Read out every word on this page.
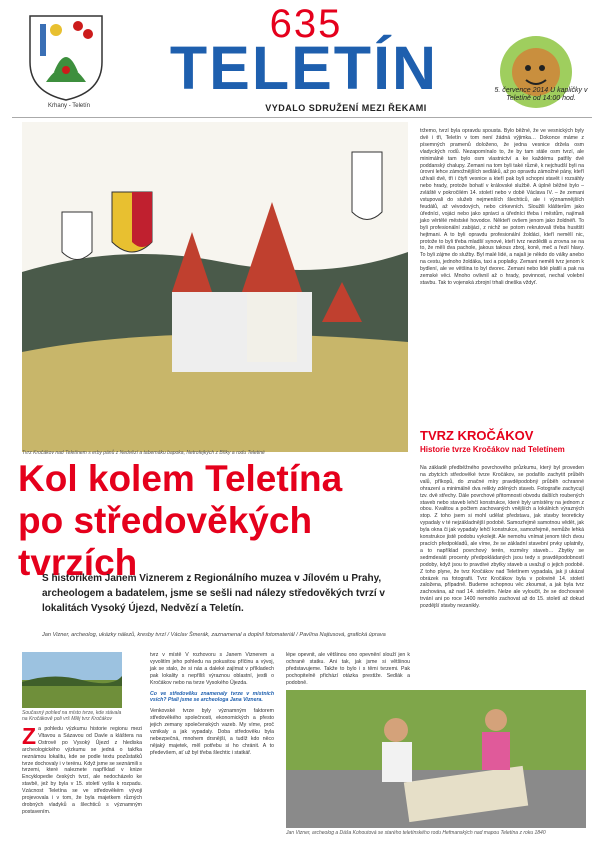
Krhany - Teletín
635
TELETÍN
VYDALO SDRUŽENÍ MEZI ŘEKAMI
5. července 2014 U kapličky v Teletíně od 14:00 hod.
Tvrz Kročákov nad Teletínem s erby pánů z Nedvězí a tabernáku bapoka, Netrofejkých z Břiky a rodu Teletiné
tržemo, tvrzí byla opravdu spousta. Bylo běžné, že ve vesnických byly dvě i tři, Teletín v tom není žádná výjimka… Dokonce máme z písemných pramenů doloženo, že jedna vesnice držela osm vladyckých rodů. Nezapomínalo to, že by tam stále osm tvrzí, ale minimálně tam bylo osm vlastnictví a ke každému patřily dvě poddanský chalupy. Zemani na tom byli také různě, k nejchudší byli na úrovni lehce zámožnějších sedláků, až po opravdu zámožné pány, kteří užívali dvě, tři i čtyři vesnice a kteří pak byli schopni stavět i rozsáhly nebo hrady, protože bohatí v královské službě. A úplně běžné bylo – zvláště v pokročilém 14. století nebo v době Václava IV. – že zemani vstupovali do služeb nejmenších šlechticů, ale i významnějších feudálů, až vévodových, nebo církevních. Sloužili klášterům jako úředníci, vojáci nebo jako správci a úředníci třeba i městům, najímali jako věrtělé městské hovodce. Někteří ovšem jenom jako žoldnéři. To byli profesionální zabijáci, z nichž se potom rekrutovali třeba husitští hejtmani. A to byli opravdu profesionální žoldáci, kteří nemělí nic, protože to byli třeba mladší synové, kteří tvrz nezdědili a zrovna se na to, že měli dva pachole, jakous takous zbroj, koně, meč a řezií hlavy. To byli zájme do služby. Byl malé lidé, a najali je někdo do války anebo na cestu, jednoho žoldáka, taxi a poplatky. Zemani neměli tvrz jenom k bydlení, ale ve většina to byl dvorec. Zemani nebo lidé platili a pak na zemské věci. Mnoho ovlivnil až o hrady, povinnost, nechal volební stavbu. Tak to vojenská zbrojní trhali dneška vždyť.
Kol kolem Teletína
po středověkých tvrzích
TVRZ KROČÁKOV
Historie tvrze Kročákov nad Teletínem
Na základě předběžného povrchového průzkumu, který byl proveden na zbytcích středověké tvrze Kročákov, se podařilo zachytit průběh valů, příkopů, do značné míry pravděpodobný průběh ochranné ohrazení a minimálně dva relikty zděných staveb. Fotografie zachycují tzv. dvě střechy. Dále povrchové přitomnosti obvodu dalších roubených staveb nebo staveb lehčí konstrukce, které byly umístěny na jednom z obou. Kvalitou a počtem zachovaných vnějších a lokálních výrazných stop. Z toho jsem si mohl udělat představu, jak stavby teoreticky vypadaly v té nejzákladnější podobě. Samozřejmě samotnou vědět, jak byla okna či jak vypadaly lehčí konstrukce, samozřejmě, nemůže lehká konstrukce jistě podobu vykolejit. Ale nemohu vnímat jenom těch dvou pracích předpokladů, ale víme, že se základní stavební prvky uplatnily, a to například povrchový terén, rozměry staveb… Zbytky se sedmdesáti procenty předpokládaných jsou tedy s pravděpodobností podoby, když jsou to pravdivé zbytky staveb a uvažují o jejich podobě. Z toho plyne, že tvrz Kročákov nad Teletínem vypadala, jak ji ukázal obrázek na fotografii. Tvrz Kročákov byla v polovině 14. století založena, případně. Budeme schopnou věc zkoumat, a jak byla tvrz zachována, až nad 14. stoletím. Nelze ale vyloučit, že se dochované trvání ani po roce 1400 nemohlo zachovat až do 15. století až dokud pozdější stavby nezanikly.
S historikem Janem Viznerem z Regionálního muzea v Jílovém u Prahy, archeologem a badatelem, jsme se sešli nad nálezy středověkých tvrzí v lokalitách Vysoký Újezd, Nedvězí a Teletín.
Jan Vizner, archeolog, ukázky nálezů, kresby tvrzí / Václav Šmerák, zaznamenal a doplnil fotomateriál / Pavlína Najtusová, grafická úprava
Současný pohled na místo tvrze, kde stávala na Kročákově poli vrš Mlěj tvrz Kročákov
Z a pohledu výzkumu historie regionu mezi Vltavou a Sázavou od Davle a kláštera na Ostrově po Vysoký Újezd z hlediska archeologického výzkumu se jedná o takřka neznámou lokalitu, kde se podle textu pozůstatků tvrze dochovaly i v terénu. Když jsme se seznámili s tvrzemi, které naleznete například v knize Encyklopedie českých tvrzí, ale nedocházelo ke stavbě, jež by byla v 15. století vyšla k rozpadu. Vzácnost Teletína se ve středověkém vývoji projevovala i v tom, že byla majetkem různých drobných vladyků a šlechticů s významným postavením.
tvrz v místě V rozhovoru s Janem Viznerem a vyvolitím jeho pohledu na pokusitou příčinu a vývoj, jak se stalo, že si nás a daleké zajímat v příkladech pak lokality s nepříliš výraznou oblastní, jestli o Kročákov nebo na tvrze Vysokého Újezda.
Co ve středověku znamenaly tvrze v místních vsích? Ptali jsme se archeologa Jana Viznera.
Venkovské tvrze byly významným faktorem středověkého společnosti, ekonomických a přesto jejich zemany společenských vazeb. My víme, proč vznikaly a jak vypadaly. Doba středověku byla nebezpečná, mnohem drsnější, a tudíž kdo něco nějaký majetek, měl potřebu si ho chránit. A to předevšem, ať už byl třeba šlechtic i statkář.
lépe opevnit, ale většinou ono opevnění slouží jen k ochraně statku. Ani tak, jak jsme si většinou představujeme. Takže to bylo i s těmi tvrzemi. Pak pochopitelně přichází otázka prestiže. Sedlák a podobně.
Jan Vizner, archeolog a Dáša Kohoutová se starého teletínského rodu Hefmanských nad mapou Teletína z roku 1840
